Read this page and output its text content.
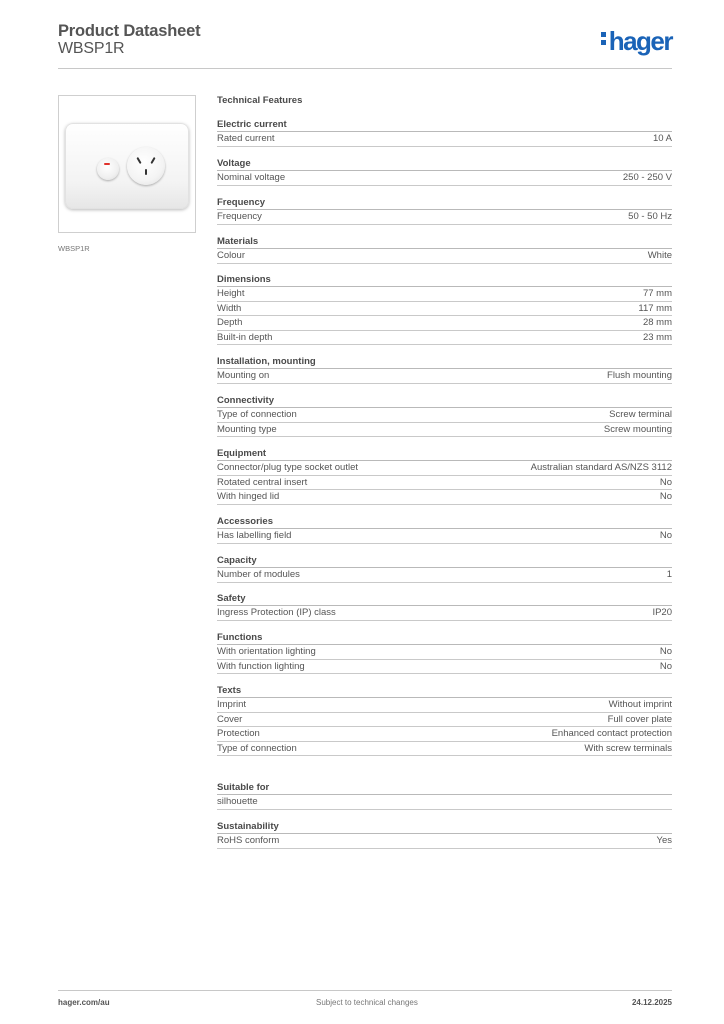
Product Datasheet
WBSP1R	hager
WBSP1R
Technical Features
Electric current
Rated current	10 A
Voltage
Nominal voltage	250 - 250 V
Frequency
Frequency	50 - 50 Hz
Materials
Colour	White
Dimensions
Height	77 mm
Width	117 mm
Depth	28 mm
Built-in depth	23 mm
Installation, mounting
Mounting on	Flush mounting
Connectivity
Type of connection	Screw terminal
Mounting type	Screw mounting
Equipment
Connector/plug type socket outlet	Australian standard AS/NZS 3112
Rotated central insert	No
With hinged lid	No
Accessories
Has labelling field	No
Capacity
Number of modules	1
Safety
Ingress Protection (IP) class	IP20
Functions
With orientation lighting	No
With function lighting	No
Texts
Imprint	Without imprint
Cover	Full cover plate
Protection	Enhanced contact protection
Type of connection	With screw terminals
Suitable for
silhouette
Sustainability
RoHS conform	Yes
hager.com/au	Subject to technical changes	24.12.2025
